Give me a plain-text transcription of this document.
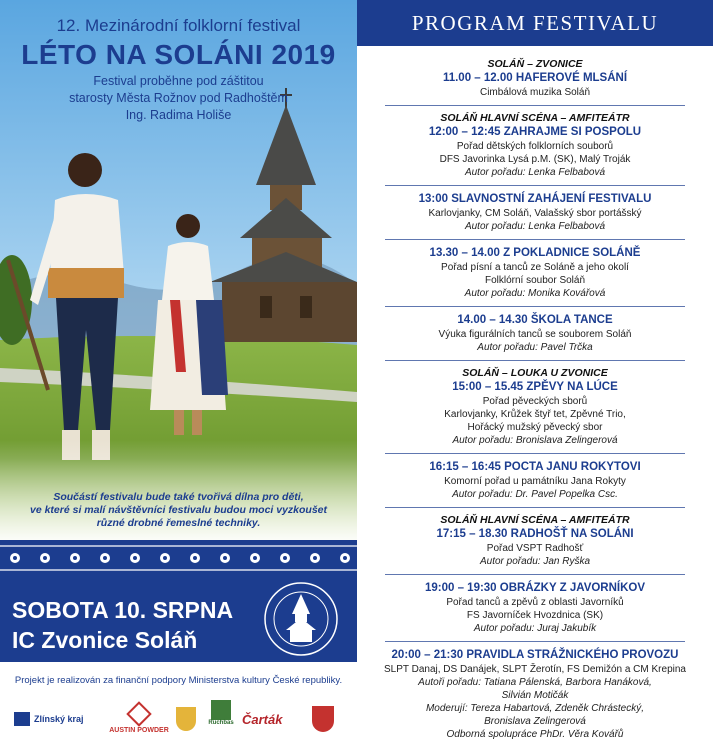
12. Mezinárodní folklorní festival
LÉTO NA SOLÁNI 2019
Festival proběhne pod záštitou
starosty Města Rožnov pod Radhoštěm
Ing. Radima Holiše
Součástí festivalu bude také tvořivá dílna pro děti,
ve které si malí návštěvníci festivalu budou moci vyzkoušet
různé drobné řemeslné techniky.
SOBOTA 10. SRPNA
IC Zvonice Soláň
Projekt je realizován za finanční podpory Ministerstva kultury České republiky.
Zlínský kraj
AUSTIN POWDER
Ruchbas Čarták
PROGRAM FESTIVALU
SOLÁŇ – ZVONICE
11.00 – 12.00 HAFEROVÉ MLSÁNÍ
Cimbálová muzika Soláň
SOLÁŇ HLAVNÍ SCÉNA – AMFITEÁTR
12:00 – 12:45 ZAHRAJME SI POSPOLU
Pořad dětských folklorních souborů
DFS Javorinka Lysá p.M. (SK), Malý Troják
Autor pořadu: Lenka Felbabová
13:00 SLAVNOSTNÍ ZAHÁJENÍ FESTIVALU
Karlovjanky, CM Soláň, Valašský sbor portášský
Autor pořadu: Lenka Felbabová
13.30 – 14.00 Z POKLADNICE SOLÁNĚ
Pořad písní a tanců ze Soláně a jeho okolí
Folklórní soubor Soláň
Autor pořadu: Monika Kovářová
14.00 – 14.30 ŠKOLA TANCE
Výuka figurálních tanců se souborem Soláň
Autor pořadu: Pavel Trčka
SOLÁŇ – LOUKA U ZVONICE
15:00 – 15.45 ZPĚVY NA LÚCE
Pořad pěveckých sborů
Karlovjanky, Krůžek štyř tet, Zpěvné Trio,
Hořácký mužský pěvecký sbor
Autor pořadu: Bronislava Zelingerová
16:15 – 16:45 POCTA JANU ROKYTOVI
Komorní pořad u památníku Jana Rokyty
Autor pořadu: Dr. Pavel Popelka Csc.
SOLÁŇ HLAVNÍ SCÉNA – AMFITEÁTR
17:15 – 18.30 RADHOŠŤ NA SOLÁNI
Pořad VSPT Radhošť
Autor pořadu: Jan Ryška
19:00 – 19:30 OBRÁZKY Z JAVORNÍKOV
Pořad tanců a zpěvů z oblasti Javorníků
FS Javorníček Hvozdnica (SK)
Autor pořadu: Juraj Jakubík
20:00 – 21:30 PRAVIDLA STRÁŽNICKÉHO PROVOZU
SLPT Danaj, DS Danájek, SLPT Žerotín, FS Demižón a CM Krepina
Autoři pořadu: Tatiana Pálenská, Barbora Hanáková,
Silvián Motičák
Moderují: Tereza Habartová, Zdeněk Chrástecký,
Bronislava Zelingerová
Odborná spolupráce PhDr. Věra Kovářů
